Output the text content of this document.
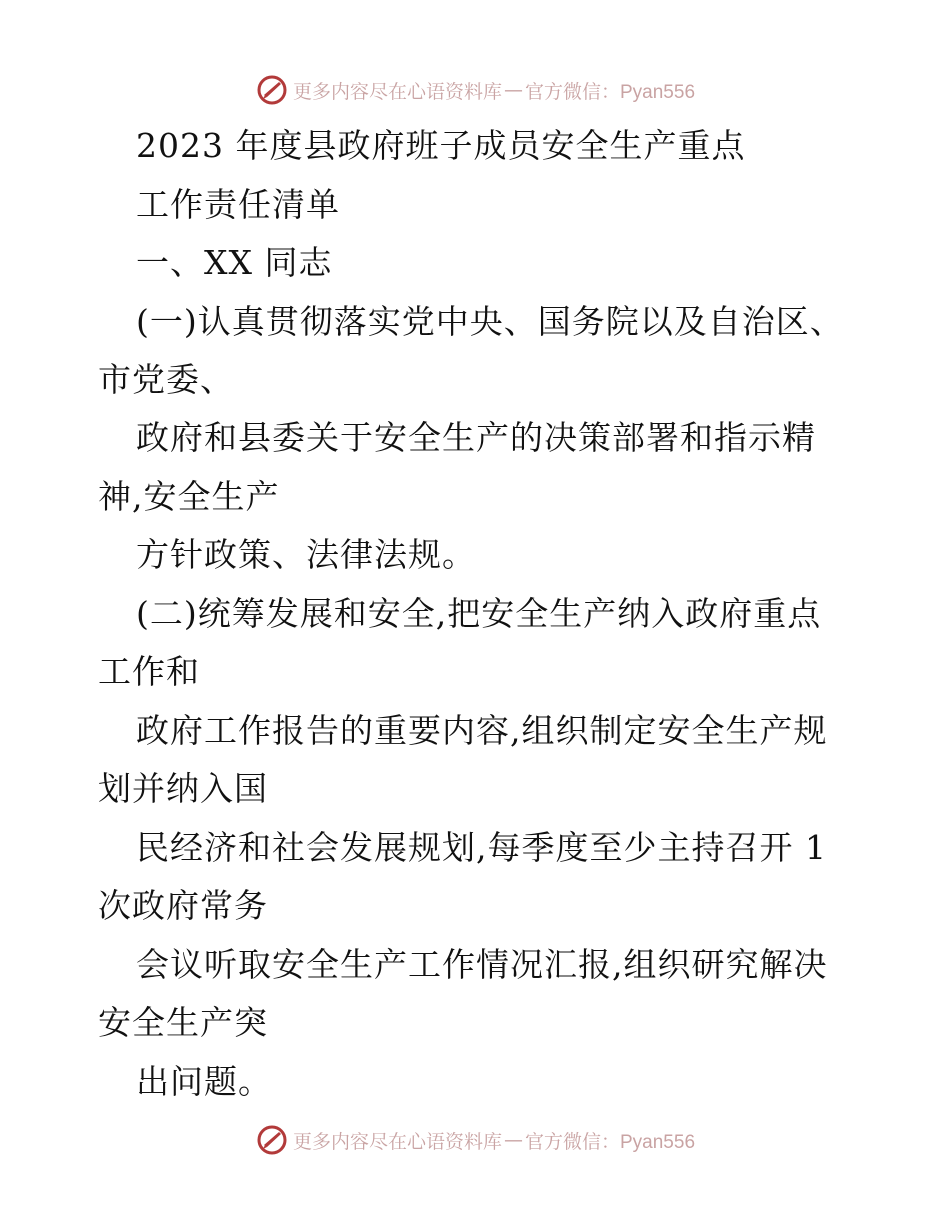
更多内容尽在心语资料库 — 官方微信：Pyan556
2023 年度县政府班子成员安全生产重点
工作责任清单
一、XX 同志
(一)认真贯彻落实党中央、国务院以及自治区、
市党委、
政府和县委关于安全生产的决策部署和指示精
神,安全生产
方针政策、法律法规。
(二)统筹发展和安全,把安全生产纳入政府重点
工作和
政府工作报告的重要内容,组织制定安全生产规
划并纳入国
民经济和社会发展规划,每季度至少主持召开 1
次政府常务
会议听取安全生产工作情况汇报,组织研究解决
安全生产突
出问题。
更多内容尽在心语资料库 — 官方微信：Pyan556
